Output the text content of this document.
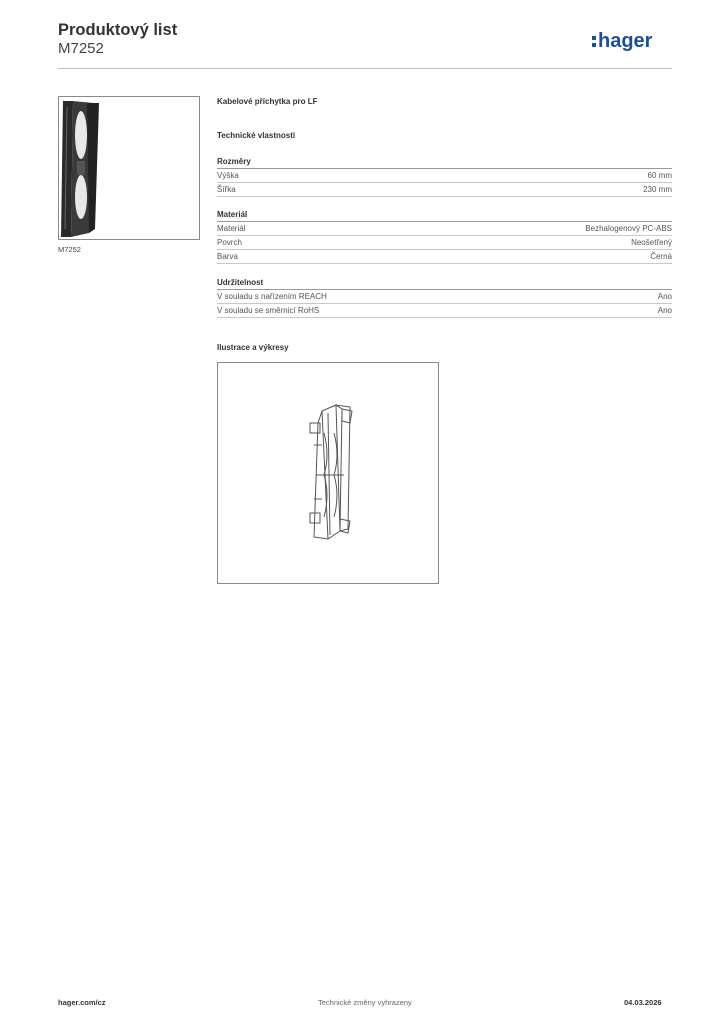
Produktový list
M7252	hager
M7252
Kabelové příchytka pro LF
Technické vlastnosti
Rozměry
Výška	60 mm
Šířka	230 mm
Materiál
Materiál	Bezhalogenový PC-ABS
Povrch	Neošetřený
Barva	Černá
Udržitelnost
V souladu s nařízením REACH	Ano
V souladu se směrnicí RoHS	Ano
Ilustrace a výkresy
hager.com/cz	Technické změny vyhrazeny	04.03.2026
